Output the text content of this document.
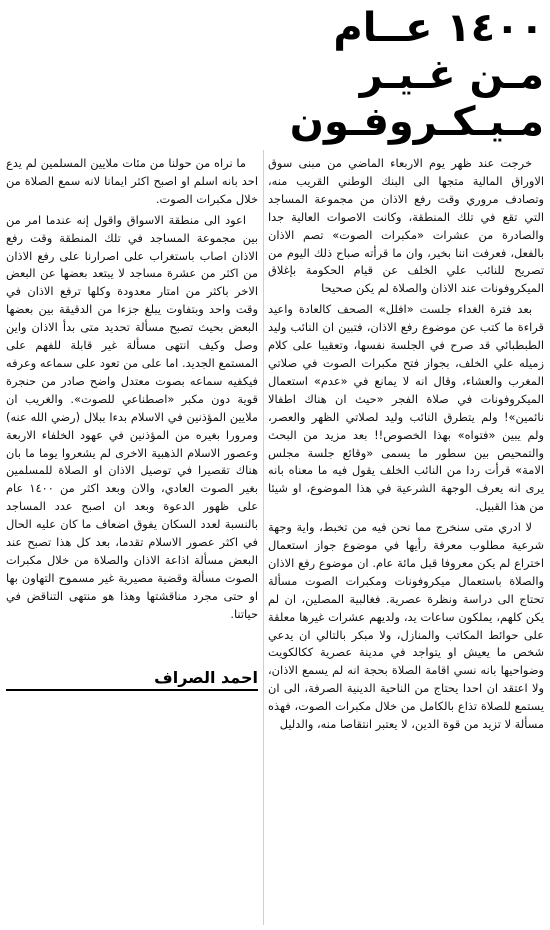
١٤٠٠ عــام
مـن غـيـر
مـيـكـروفـون

خرجت عند ظهر يوم الاربعاء الماضي من مبنى سوق الاوراق المالية متجها الى البنك الوطني القريب منه، وتصادف مروري وقت رفع الاذان من مجموعة المساجد التي تقع في تلك المنطقة، وكانت الاصوات العالية جدا والصادرة من عشرات «مكبرات الصوت» تصم الاذان بالفعل، فعرفت اننا بخير، وان ما قرأته صباح ذلك اليوم من تصريح للنائب علي الخلف عن قيام الحكومة بإغلاق الميكروفونات عند الاذان والصلاة لم يكن صحيحا

بعد فترة الغداء جلست «افلل» الصحف كالعادة واعيد قراءة ما كتب عن موضوع رفع الاذان، فتبين ان النائب وليد الطبطبائي قد صرح في الجلسة نفسها، وتعقيبا على كلام زميله علي الخلف، بجواز فتح مكبرات الصوت في صلاتي المغرب والعشاء، وقال انه لا يمانع في «عدم» استعمال الميكروفونات في صلاة الفجر «حيث ان هناك اطفالا نائمين»! ولم يتطرق النائب وليد لصلاتي الظهر والعصر، ولم يبين «فتواه» بهذا الخصوص!! بعد مزيد من البحث والتمحيص بين سطور ما يسمى «وقائع جلسة مجلس الامة» قرأت ردا من النائب الخلف يقول فيه ما معناه بانه يرى انه يعرف الوجهة الشرعية في هذا الموضوع، او شيئا من هذا القبيل.

لا ادري متى سنخرج مما نحن فيه من تخبط، واية وجهة شرعية مطلوب معرفة رأيها في موضوع جواز استعمال اختراع لم يكن معروفا قبل مائة عام. ان موضوع رفع الاذان والصلاة باستعمال ميكروفونات ومكبرات الصوت مسألة تحتاج الى دراسة ونظرة عصرية. فغالبية المصلين، ان لم يكن كلهم، يملكون ساعات يد، ولديهم عشرات غيرها معلقة على حوائط المكاتب والمنازل، ولا مبكر بالتالي ان يدعي شخص ما يعيش او يتواجد في مدينة عصرية ككالكويت وضواحيها بانه نسي اقامة الصلاة بحجة انه لم يسمع الاذان، ولا اعتقد ان احدا يحتاج من الناحية الدينية الصرفة، الى ان يستمع للصلاة تذاع بالكامل من خلال مكبرات الصوت، فهذه مسألة لا تزيد من قوة الدين، لا يعتبر انتقاصا منه، والدليل

ما نراه من حولنا من مئات ملايين المسلمين لم يدع احد بانه اسلم او اصبح اكثر ايمانا لانه سمع الصلاة من خلال مكبرات الصوت.

اعود الى منطقة الاسواق واقول إنه عندما امر من بين مجموعة المساجد في تلك المنطقة وقت رفع الاذان اصاب باستغراب على اصرارنا على رفع الاذان من اكثر من عشرة مساجد لا يبتعد بعضها عن البعض الاخر باكثر من امتار معدودة وكلها ترفع الاذان في وقت واحد وبتفاوت يبلغ جزءا من الدقيقة بين بعضها البعض بحيث تصبح مسألة تحديد متى بدأ الاذان واين وصل وكيف انتهى مسألة غير قابلة للفهم على المستمع الجديد. اما على من تعود على سماعه وعرفه فيكفيه سماعه بصوت معتدل واضح صادر من حنجرة قوية دون مكبر «اصطناعي للصوت». والغريب ان ملايين المؤذنين في الاسلام بدءا ببلال (رضي الله عنه) ومرورا بغيره من المؤذنين في عهود الخلفاء الاربعة وعصور الاسلام الذهبية الاخرى لم يشعروا يوما ما بان هناك تقصيرا في توصيل الاذان او الصلاة للمسلمين بغير الصوت العادي، والان وبعد اكثر من ١٤٠٠ عام على ظهور الدعوة وبعد ان اصبح عدد المساجد بالنسبة لعدد السكان يفوق اضعاف ما كان عليه الحال في اكثر عصور الاسلام تقدما، بعد كل هذا تصبح عند البعض مسألة اذاعة الاذان والصلاة من خلال مكبرات الصوت مسألة وقضية مصيرية غير مسموح التهاون بها او حتى مجرد مناقشتها وهذا هو منتهى التناقض في حياتنا.

احمد الصراف
